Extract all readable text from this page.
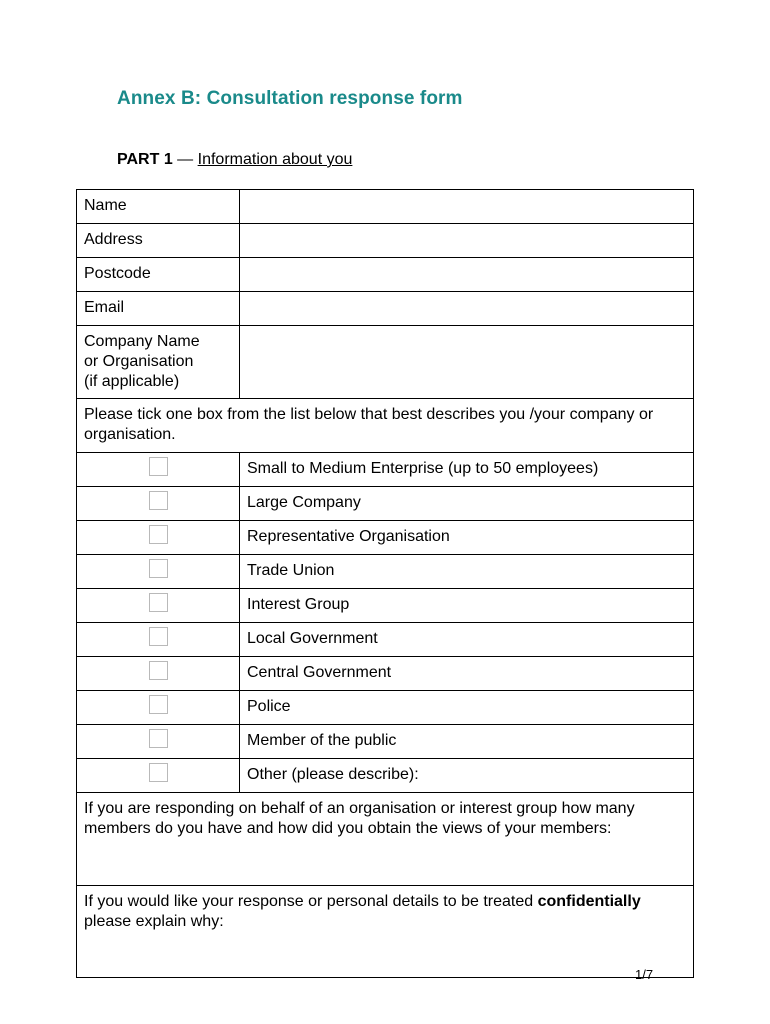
Annex B: Consultation response form

PART 1 — Information about you

Name	
Address	
Postcode	
Email	

Company Name
or Organisation
(if applicable)	

Please tick one box from the list below that best describes you /your company or organisation.	
	Small to Medium Enterprise (up to 50 employees)
	Large Company
	Representative Organisation
	Trade Union
	Interest Group
	Local Government
	Central Government
	Police
	Member of the public
	Other (please describe):
If you are responding on behalf of an organisation or interest group how many members do you have and how did you obtain the views of your members:	
If you would like your response or personal details to be treated confidentially please explain why:	

1/7
